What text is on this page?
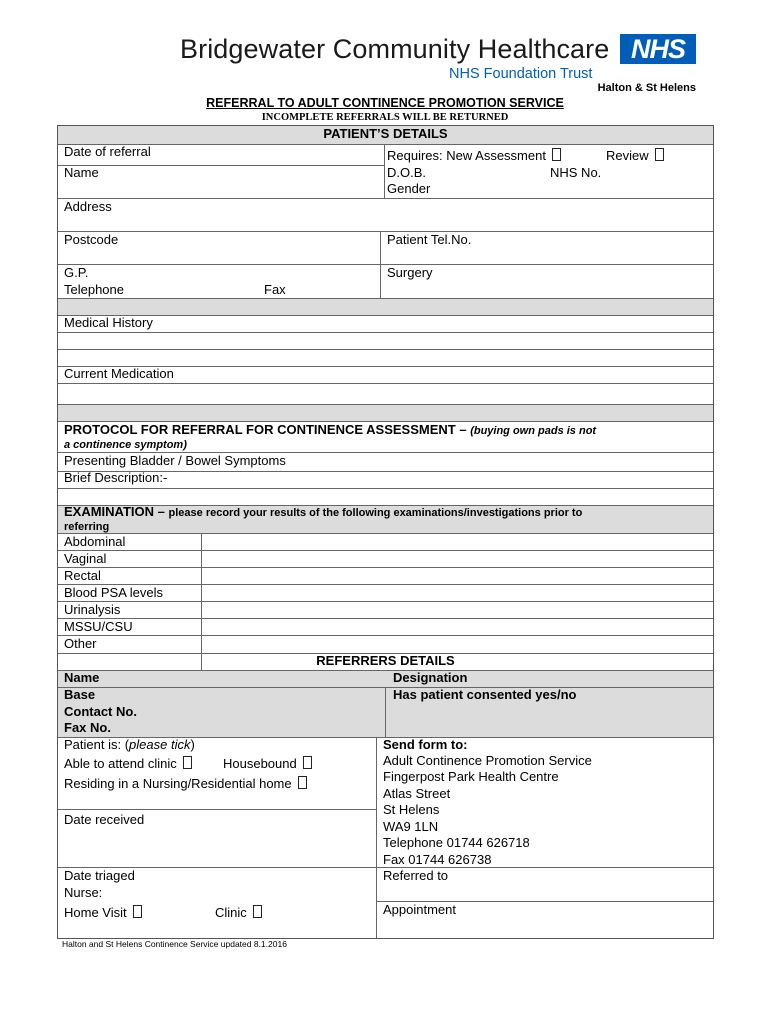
Bridgewater Community Healthcare NHS
NHS Foundation Trust
Halton & St Helens
REFERRAL TO ADULT CONTINENCE PROMOTION SERVICE
INCOMPLETE REFERRALS WILL BE RETURNED
PATIENT’S DETAILS
Date of referral	Requires: New Assessment	Review
Name	D.O.B.	NHS No.
Gender
Address
Postcode	Patient Tel.No.
G.P.	Surgery
Telephone	Fax
Medical History
Current Medication
PROTOCOL FOR REFERRAL FOR CONTINENCE ASSESSMENT – (buying own pads is not
a continence symptom)
Presenting Bladder / Bowel Symptoms
Brief Description:-
EXAMINATION – please record your results of the following examinations/investigations prior to
referring
Abdominal
Vaginal
Rectal
Blood PSA levels
Urinalysis
MSSU/CSU
Other
REFERRERS DETAILS
Name	Designation
Base	Has patient consented yes/no
Contact No.
Fax No.
Patient is: (please tick)
Able to attend clinic	Housebound
Residing in a Nursing/Residential home
Date received
Date triaged
Nurse:
Home Visit	Clinic
Send form to:
Adult Continence Promotion Service
Fingerpost Park Health Centre
Atlas Street
St Helens
WA9 1LN
Telephone 01744 626718
Fax 01744 626738
Referred to
Appointment
Halton and St Helens Continence Service updated 8.1.2016
